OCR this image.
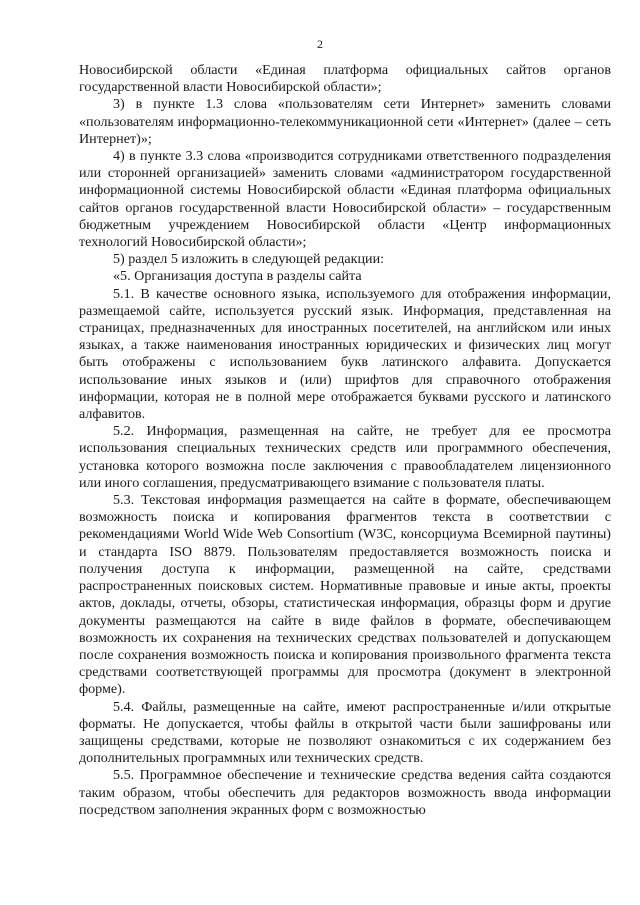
2

Новосибирской области «Единая платформа официальных сайтов органов государственной власти Новосибирской области»;

3) в пункте 1.3 слова «пользователям сети Интернет» заменить словами «пользователям информационно-телекоммуникационной сети «Интернет» (далее – сеть Интернет)»;

4) в пункте 3.3 слова «производится сотрудниками ответственного подразделения или сторонней организацией» заменить словами «администратором государственной информационной системы Новосибирской области «Единая платформа официальных сайтов органов государственной власти Новосибирской области» – государственным бюджетным учреждением Новосибирской области «Центр информационных технологий Новосибирской области»;

5) раздел 5 изложить в следующей редакции:

«5. Организация доступа в разделы сайта

5.1. В качестве основного языка, используемого для отображения информации, размещаемой сайте, используется русский язык. Информация, представленная на страницах, предназначенных для иностранных посетителей, на английском или иных языках, а также наименования иностранных юридических и физических лиц могут быть отображены с использованием букв латинского алфавита. Допускается использование иных языков и (или) шрифтов для справочного отображения информации, которая не в полной мере отображается буквами русского и латинского алфавитов.

5.2. Информация, размещенная на сайте, не требует для ее просмотра использования специальных технических средств или программного обеспечения, установка которого возможна после заключения с правообладателем лицензионного или иного соглашения, предусматривающего взимание с пользователя платы.

5.3. Текстовая информация размещается на сайте в формате, обеспечивающем возможность поиска и копирования фрагментов текста в соответствии с рекомендациями World Wide Web Consortium (W3C, консорциума Всемирной паутины) и стандарта ISO 8879. Пользователям предоставляется возможность поиска и получения доступа к информации, размещенной на сайте, средствами распространенных поисковых систем. Нормативные правовые и иные акты, проекты актов, доклады, отчеты, обзоры, статистическая информация, образцы форм и другие документы размещаются на сайте в виде файлов в формате, обеспечивающем возможность их сохранения на технических средствах пользователей и допускающем после сохранения возможность поиска и копирования произвольного фрагмента текста средствами соответствующей программы для просмотра (документ в электронной форме).

5.4. Файлы, размещенные на сайте, имеют распространенные и/или открытые форматы. Не допускается, чтобы файлы в открытой части были зашифрованы или защищены средствами, которые не позволяют ознакомиться с их содержанием без дополнительных программных или технических средств.

5.5. Программное обеспечение и технические средства ведения сайта создаются таким образом, чтобы обеспечить для редакторов возможность ввода информации посредством заполнения экранных форм с возможностью
